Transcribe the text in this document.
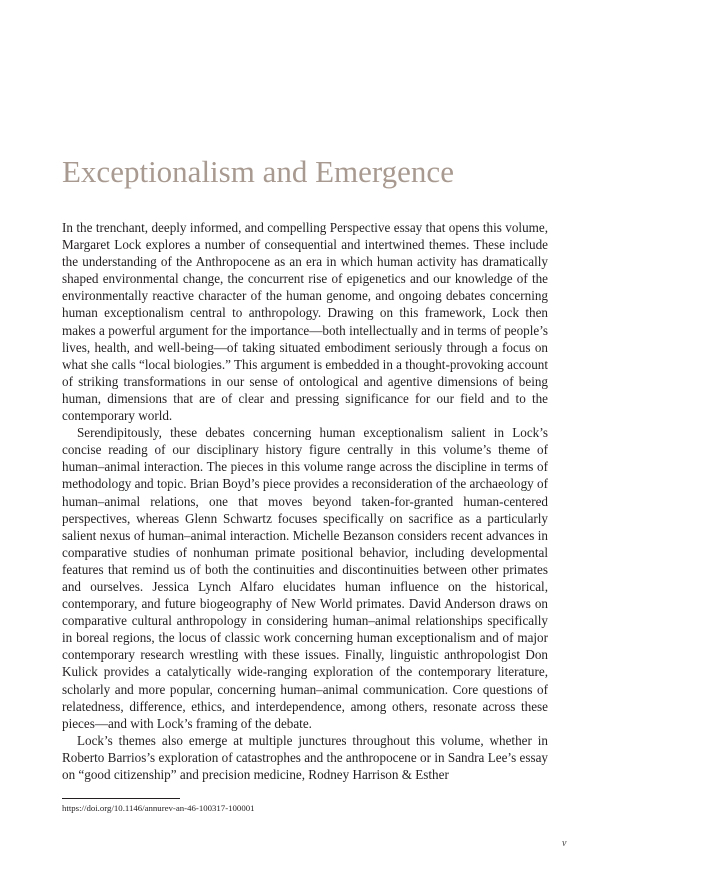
Exceptionalism and Emergence

In the trenchant, deeply informed, and compelling Perspective essay that opens this volume, Margaret Lock explores a number of consequential and intertwined themes. These include the understanding of the Anthropocene as an era in which human activity has dramatically shaped environmental change, the concurrent rise of epigenetics and our knowledge of the environmentally reactive character of the human genome, and ongoing debates concerning human exceptionalism central to anthropology. Drawing on this framework, Lock then makes a powerful argument for the importance—both intellectually and in terms of people’s lives, health, and well-being—of taking situated embodiment seriously through a focus on what she calls “local biologies.” This argument is embedded in a thought-provoking account of striking transformations in our sense of ontological and agentive dimensions of being human, dimensions that are of clear and pressing significance for our field and to the contemporary world.

Serendipitously, these debates concerning human exceptionalism salient in Lock’s concise reading of our disciplinary history figure centrally in this volume’s theme of human–animal interaction. The pieces in this volume range across the discipline in terms of methodology and topic. Brian Boyd’s piece provides a reconsideration of the archaeology of human–animal relations, one that moves beyond taken-for-granted human-centered perspectives, whereas Glenn Schwartz focuses specifically on sacrifice as a particularly salient nexus of human–animal interaction. Michelle Bezanson considers recent advances in comparative studies of nonhuman primate positional behavior, including developmental features that remind us of both the continuities and discontinuities between other primates and ourselves. Jessica Lynch Alfaro elucidates human influence on the historical, contemporary, and future biogeography of New World primates. David Anderson draws on comparative cultural anthropology in considering human–animal relationships specifically in boreal regions, the locus of classic work concerning human exceptionalism and of major contemporary research wrestling with these issues. Finally, linguistic anthropologist Don Kulick provides a catalytically wide-ranging exploration of the contemporary literature, scholarly and more popular, concerning human–animal communication. Core questions of relatedness, difference, ethics, and interdependence, among others, resonate across these pieces—and with Lock’s framing of the debate.

Lock’s themes also emerge at multiple junctures throughout this volume, whether in Roberto Barrios’s exploration of catastrophes and the anthropocene or in Sandra Lee’s essay on “good citizenship” and precision medicine, Rodney Harrison & Esther

https://doi.org/10.1146/annurev-an-46-100317-100001
v
